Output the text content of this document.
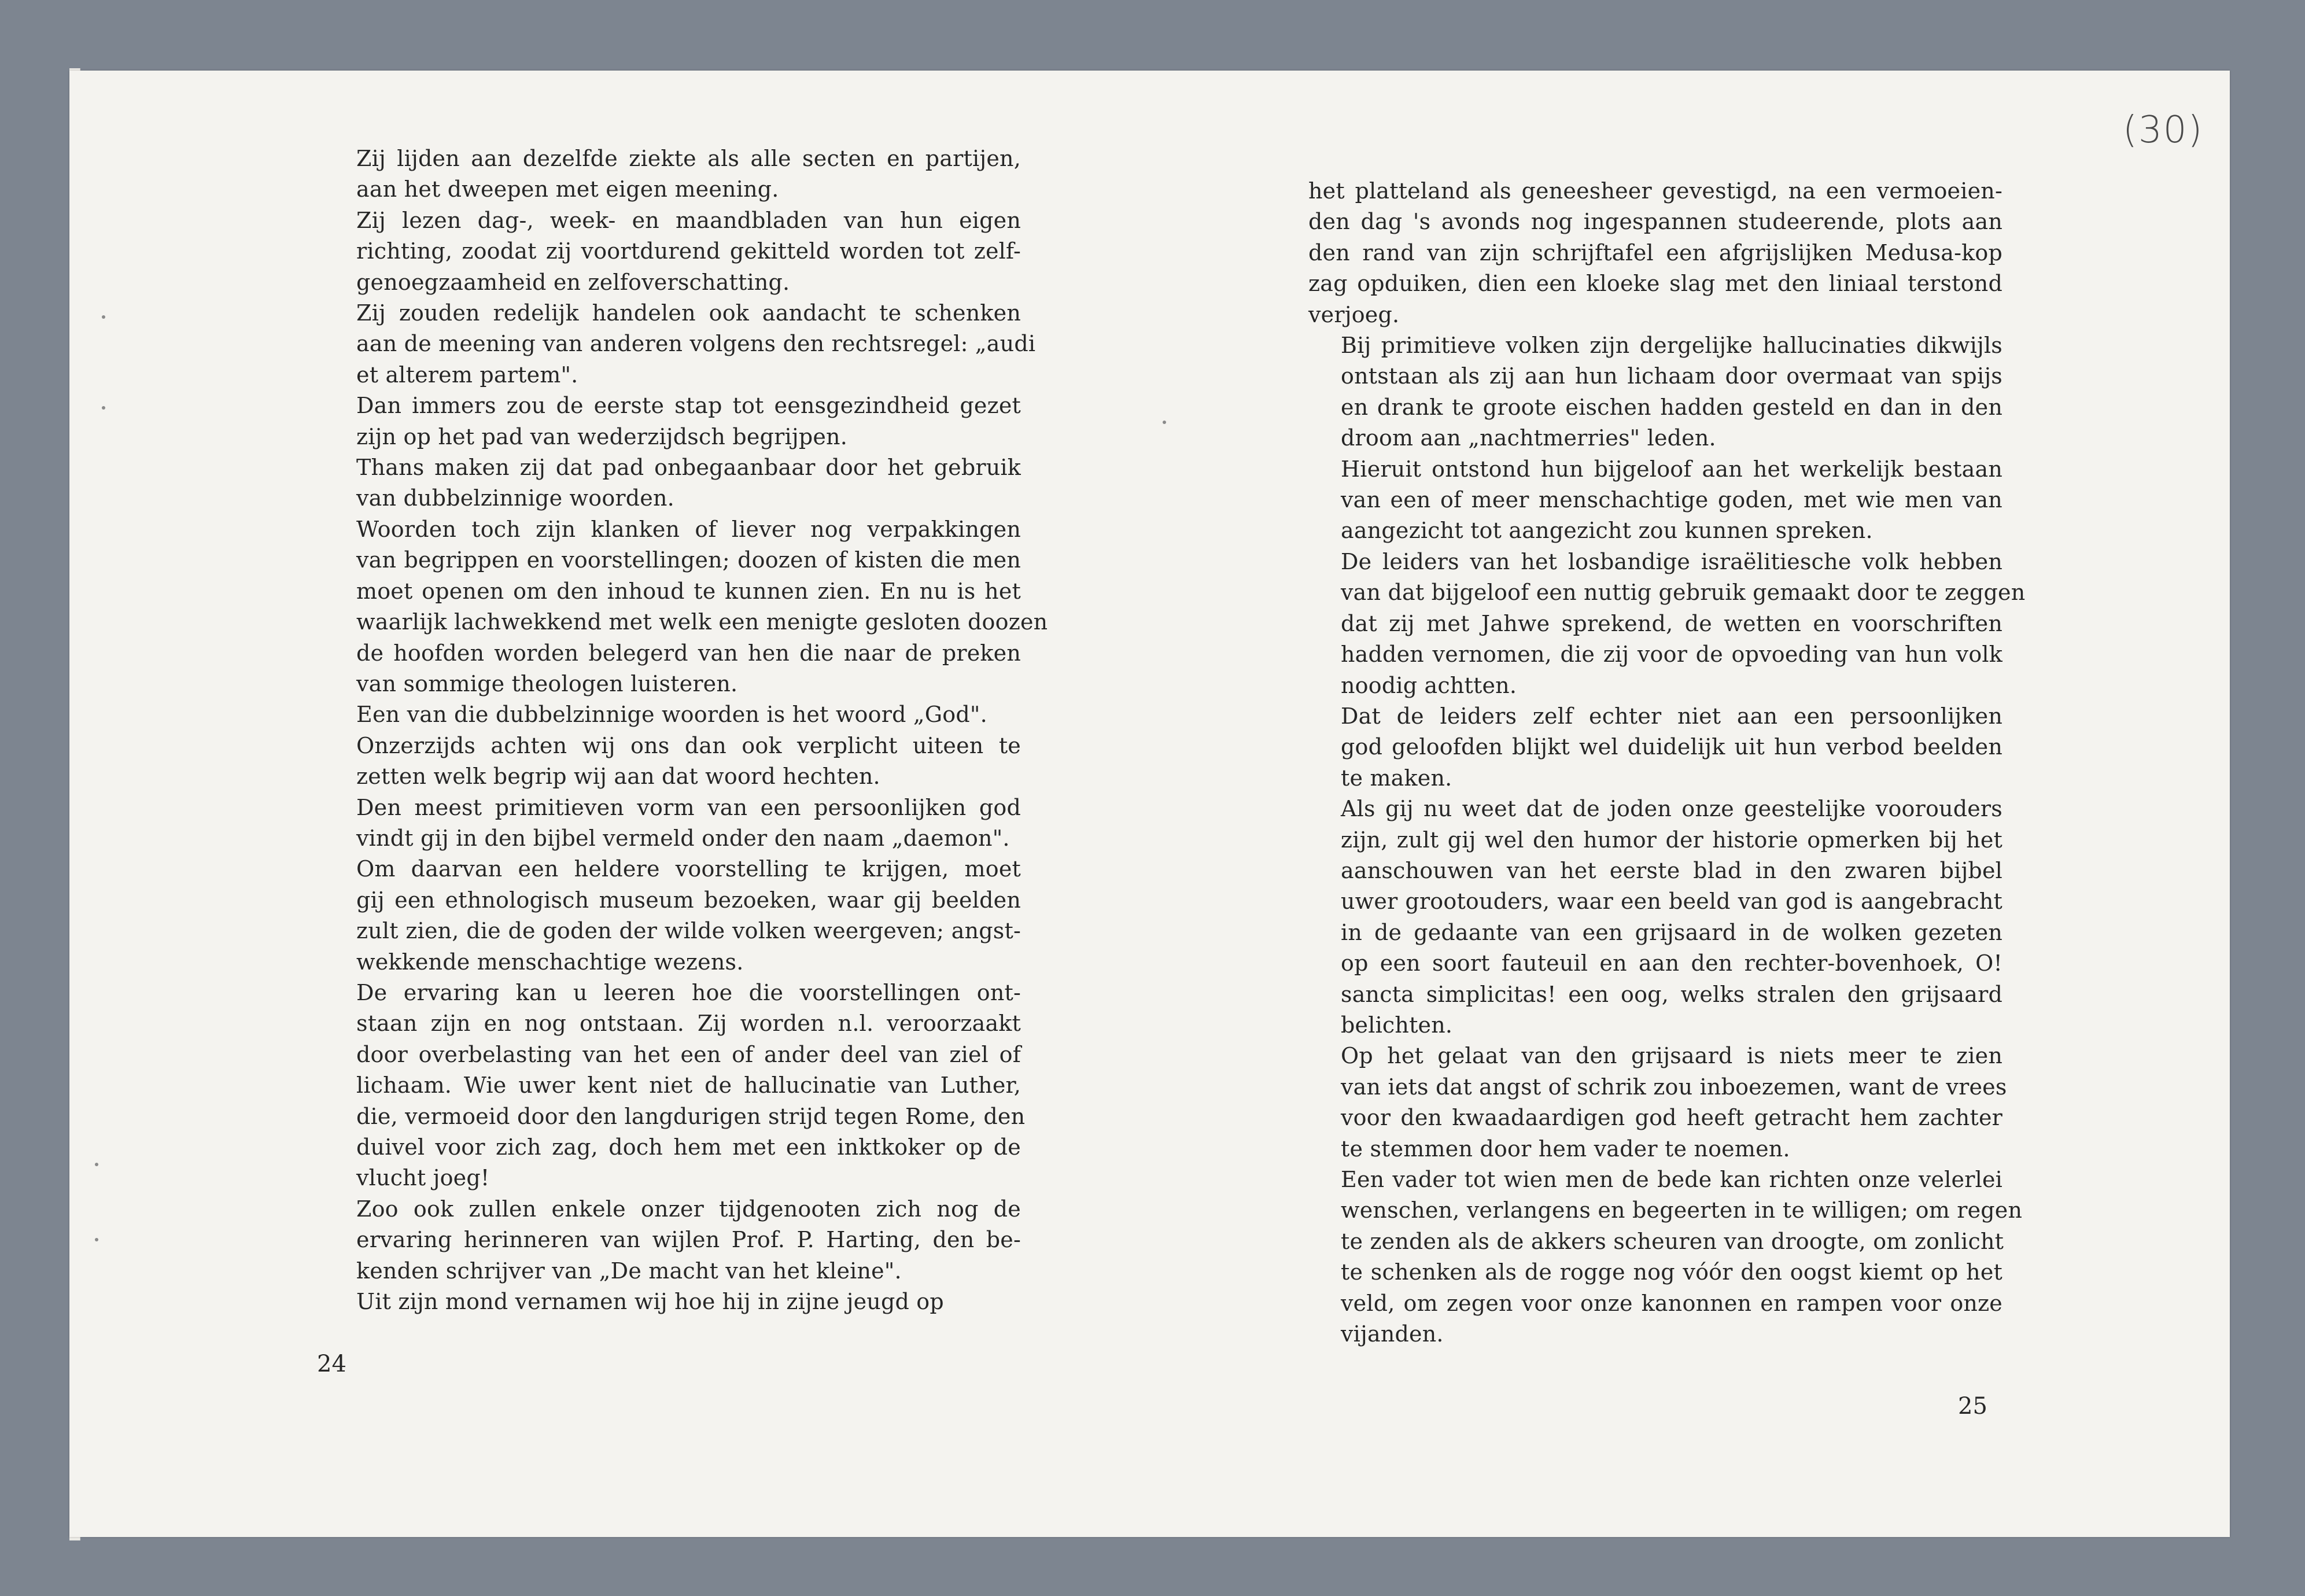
(30)
Zij lijden aan dezelfde ziekte als alle secten en partijen,
aan het dweepen met eigen meening.
Zij lezen dag-, week- en maandbladen van hun eigen
richting, zoodat zij voortdurend gekitteld worden tot zelf-
genoegzaamheid en zelfoverschatting.
Zij zouden redelijk handelen ook aandacht te schenken
aan de meening van anderen volgens den rechtsregel: „audi
et alterem partem".
Dan immers zou de eerste stap tot eensgezindheid gezet
zijn op het pad van wederzijdsch begrijpen.
Thans maken zij dat pad onbegaanbaar door het gebruik
van dubbelzinnige woorden.
Woorden toch zijn klanken of liever nog verpakkingen
van begrippen en voorstellingen; doozen of kisten die men
moet openen om den inhoud te kunnen zien. En nu is het
waarlijk lachwekkend met welk een menigte gesloten doozen
de hoofden worden belegerd van hen die naar de preken
van sommige theologen luisteren.
Een van die dubbelzinnige woorden is het woord „God".
Onzerzijds achten wij ons dan ook verplicht uiteen te
zetten welk begrip wij aan dat woord hechten.
Den meest primitieven vorm van een persoonlijken god
vindt gij in den bijbel vermeld onder den naam „daemon".
Om daarvan een heldere voorstelling te krijgen, moet
gij een ethnologisch museum bezoeken, waar gij beelden
zult zien, die de goden der wilde volken weergeven; angst-
wekkende menschachtige wezens.
De ervaring kan u leeren hoe die voorstellingen ont-
staan zijn en nog ontstaan. Zij worden n.l. veroorzaakt
door overbelasting van het een of ander deel van ziel of
lichaam. Wie uwer kent niet de hallucinatie van Luther,
die, vermoeid door den langdurigen strijd tegen Rome, den
duivel voor zich zag, doch hem met een inktkoker op de
vlucht joeg!
Zoo ook zullen enkele onzer tijdgenooten zich nog de
ervaring herinneren van wijlen Prof. P. Harting, den be-
kenden schrijver van „De macht van het kleine".
Uit zijn mond vernamen wij hoe hij in zijne jeugd op
24
het platteland als geneesheer gevestigd, na een vermoeien-
den dag 's avonds nog ingespannen studeerende, plots aan
den rand van zijn schrijftafel een afgrijslijken Medusa-kop
zag opduiken, dien een kloeke slag met den liniaal terstond
verjoeg.
Bij primitieve volken zijn dergelijke hallucinaties dikwijls
ontstaan als zij aan hun lichaam door overmaat van spijs
en drank te groote eischen hadden gesteld en dan in den
droom aan „nachtmerries" leden.
Hieruit ontstond hun bijgeloof aan het werkelijk bestaan
van een of meer menschachtige goden, met wie men van
aangezicht tot aangezicht zou kunnen spreken.
De leiders van het losbandige israëlitiesche volk hebben
van dat bijgeloof een nuttig gebruik gemaakt door te zeggen
dat zij met Jahwe sprekend, de wetten en voorschriften
hadden vernomen, die zij voor de opvoeding van hun volk
noodig achtten.
Dat de leiders zelf echter niet aan een persoonlijken
god geloofden blijkt wel duidelijk uit hun verbod beelden
te maken.
Als gij nu weet dat de joden onze geestelijke voorouders
zijn, zult gij wel den humor der historie opmerken bij het
aanschouwen van het eerste blad in den zwaren bijbel
uwer grootouders, waar een beeld van god is aangebracht
in de gedaante van een grijsaard in de wolken gezeten
op een soort fauteuil en aan den rechter-bovenhoek, O!
sancta simplicitas! een oog, welks stralen den grijsaard
belichten.
Op het gelaat van den grijsaard is niets meer te zien
van iets dat angst of schrik zou inboezemen, want de vrees
voor den kwaadaardigen god heeft getracht hem zachter
te stemmen door hem vader te noemen.
Een vader tot wien men de bede kan richten onze velerlei
wenschen, verlangens en begeerten in te willigen; om regen
te zenden als de akkers scheuren van droogte, om zonlicht
te schenken als de rogge nog vóór den oogst kiemt op het
veld, om zegen voor onze kanonnen en rampen voor onze
vijanden.
25
